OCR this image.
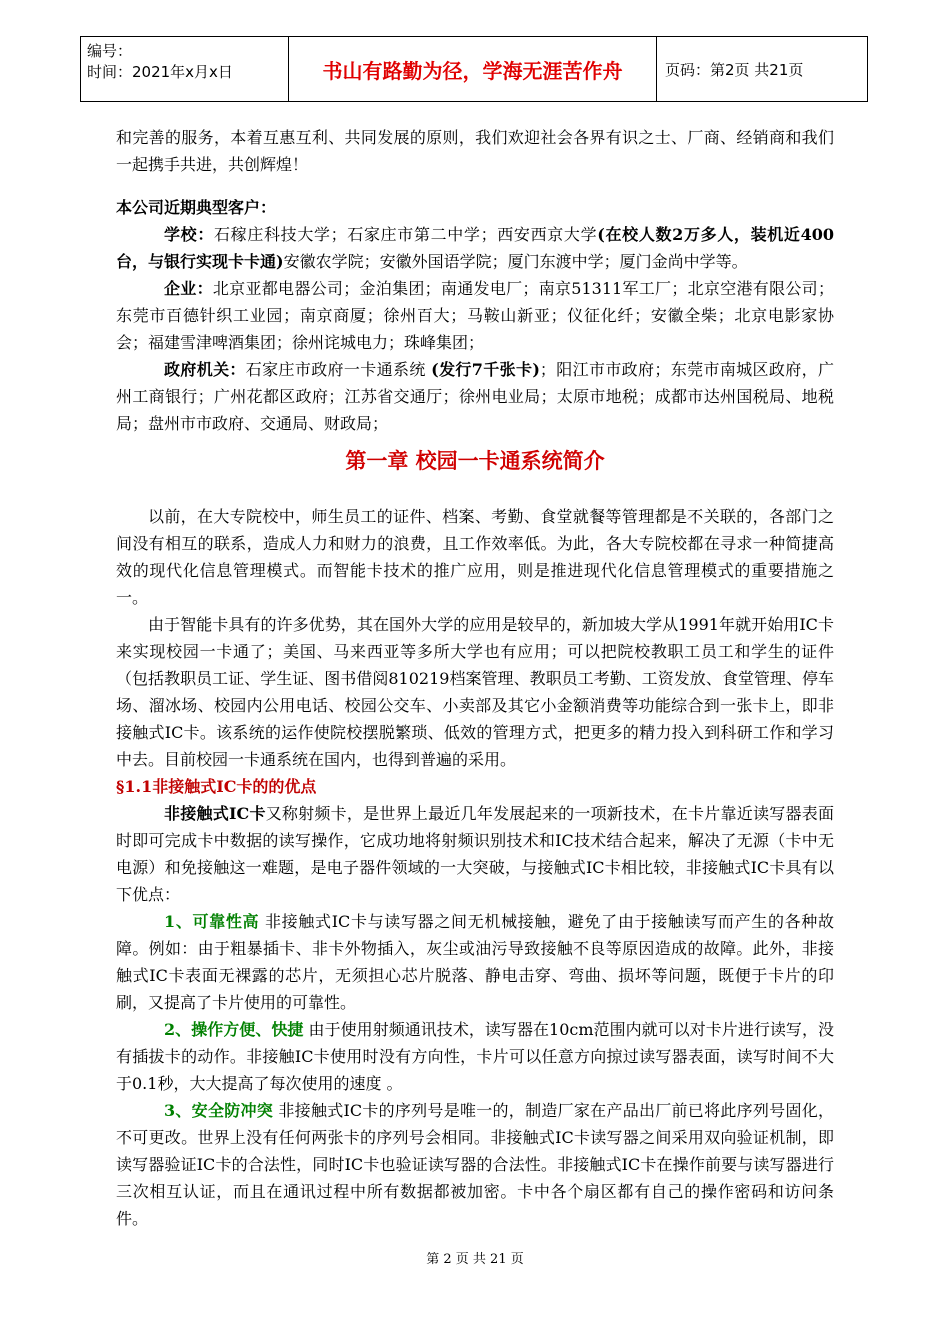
编号：
时间：2021年x月x日	书山有路勤为径，学海无涯苦作舟	页码：第2页 共21页

和完善的服务，本着互惠互利、共同发展的原则，我们欢迎社会各界有识之士、厂商、经销商和我们一起携手共进，共创辉煌！

本公司近期典型客户：

学校：石稼庄科技大学；石家庄市第二中学；西安西京大学(在校人数2万多人，装机近400台，与银行实现卡卡通)安徽农学院；安徽外国语学院；厦门东渡中学；厦门金尚中学等。

企业：北京亚都电器公司；金泊集团；南通发电厂；南京51311军工厂；北京空港有限公司；东莞市百德针织工业园；南京商厦；徐州百大；马鞍山新亚；仪征化纤；安徽全柴；北京电影家协会；福建雪津啤酒集团；徐州诧城电力；珠峰集团；

政府机关：石家庄市政府一卡通系统 (发行7千张卡)；阳江市市政府；东莞市南城区政府，广州工商银行；广州花都区政府；江苏省交通厅；徐州电业局；太原市地税；成都市达州国税局、地税局；盘州市市政府、交通局、财政局；

第一章 校园一卡通系统简介

以前，在大专院校中，师生员工的证件、档案、考勤、食堂就餐等管理都是不关联的，各部门之间没有相互的联系，造成人力和财力的浪费，且工作效率低。为此，各大专院校都在寻求一种简捷高效的现代化信息管理模式。而智能卡技术的推广应用，则是推进现代化信息管理模式的重要措施之一。

由于智能卡具有的许多优势，其在国外大学的应用是较早的，新加坡大学从1991年就开始用IC卡来实现校园一卡通了；美国、马来西亚等多所大学也有应用；可以把院校教职工员工和学生的证件（包括教职员工证、学生证、图书借阅810219档案管理、教职员工考勤、工资发放、食堂管理、停车场、溜冰场、校园内公用电话、校园公交车、小卖部及其它小金额消费等功能综合到一张卡上，即非接触式IC卡。该系统的运作使院校摆脱繁琐、低效的管理方式，把更多的精力投入到科研工作和学习中去。目前校园一卡通系统在国内，也得到普遍的采用。

§1.1非接触式IC卡的的优点

非接触式IC卡又称射频卡，是世界上最近几年发展起来的一项新技术，在卡片靠近读写器表面时即可完成卡中数据的读写操作，它成功地将射频识别技术和IC技术结合起来，解决了无源（卡中无电源）和免接触这一难题，是电子器件领域的一大突破，与接触式IC卡相比较，非接触式IC卡具有以下优点：

1、可靠性高 非接触式IC卡与读写器之间无机械接触，避免了由于接触读写而产生的各种故障。例如：由于粗暴插卡、非卡外物插入，灰尘或油污导致接触不良等原因造成的故障。此外，非接触式IC卡表面无裸露的芯片，无须担心芯片脱落、静电击穿、弯曲、损坏等问题，既便于卡片的印刷，又提高了卡片使用的可靠性。

2、操作方便、快捷 由于使用射频通讯技术，读写器在10cm范围内就可以对卡片进行读写，没有插拔卡的动作。非接触IC卡使用时没有方向性，卡片可以任意方向掠过读写器表面，读写时间不大于0.1秒，大大提高了每次使用的速度 。

3、安全防冲突 非接触式IC卡的序列号是唯一的，制造厂家在产品出厂前已将此序列号固化，不可更改。世界上没有任何两张卡的序列号会相同。非接触式IC卡读写器之间采用双向验证机制，即读写器验证IC卡的合法性，同时IC卡也验证读写器的合法性。非接触式IC卡在操作前要与读写器进行三次相互认证，而且在通讯过程中所有数据都被加密。卡中各个扇区都有自己的操作密码和访问条件。

第 2 页 共 21 页
